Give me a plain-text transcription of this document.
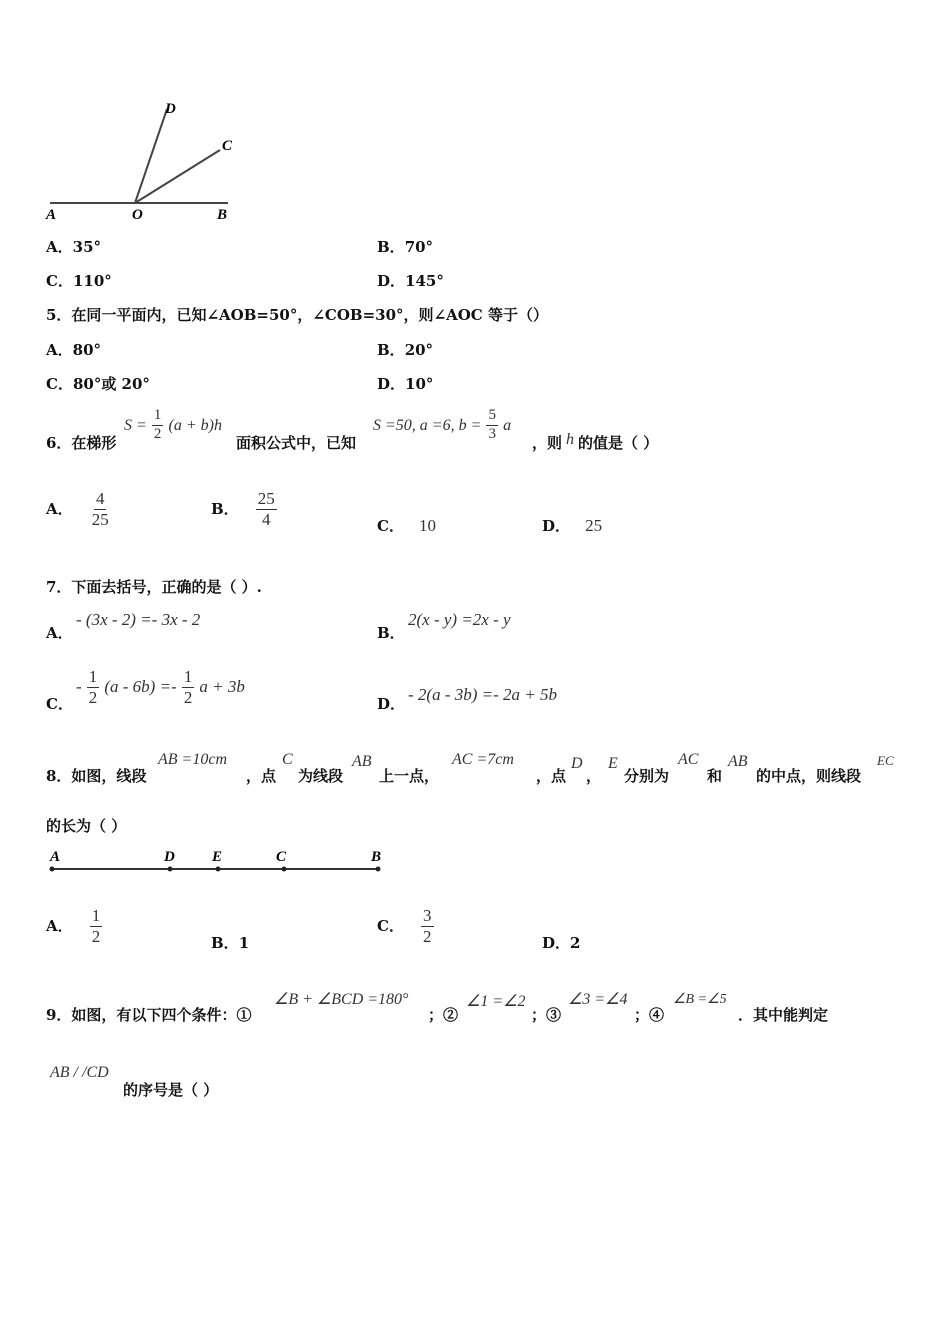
D
C
A	O	B
A．35°	B．70°
C．110°	D．145°
5．在同一平面内，已知∠AOB=50°，∠COB=30°，则∠AOC 等于（）
A．80°	B．20°
C．80°或 20°	D．10°
6．在梯形
$S = \frac{1}{2} (a + b)h$
面积公式中，已知
S =50, a =6, $b = \frac{5}{3}$ a
，则 h 的值是（ ）
A． $\frac{4}{25}$	B． $\frac{25}{4}$	C． 10	D． 25
7．下面去括号，正确的是（ ）.
A．
- (3x - 2) =- 3x - 2
B．
2(x - y) =2x - y
C．
- $\frac{1}{2} (a - 6b) =- \frac{1}{2}$ a + 3b
D． - 2(a - 3b) =- 2a + 5b
8．如图，线段
AB =10cm
，点
C
为线段
AB
上一点，
AC =7cm
，点
D
，
E
分别为
AC
和
AB
的中点，则线段
EC
的长为（ ）
A	D E	C	B
A． $\frac{1}{2}$	B．1
C． $\frac{3}{2}$	D．2
9．如图，有以下四个条件：①
∠B + ∠BCD =180°
；②
∠1 =∠2
；③
∠3 =∠4
；④
∠B =∠5
．其中能判定
AB / /CD
的序号是（ ）
